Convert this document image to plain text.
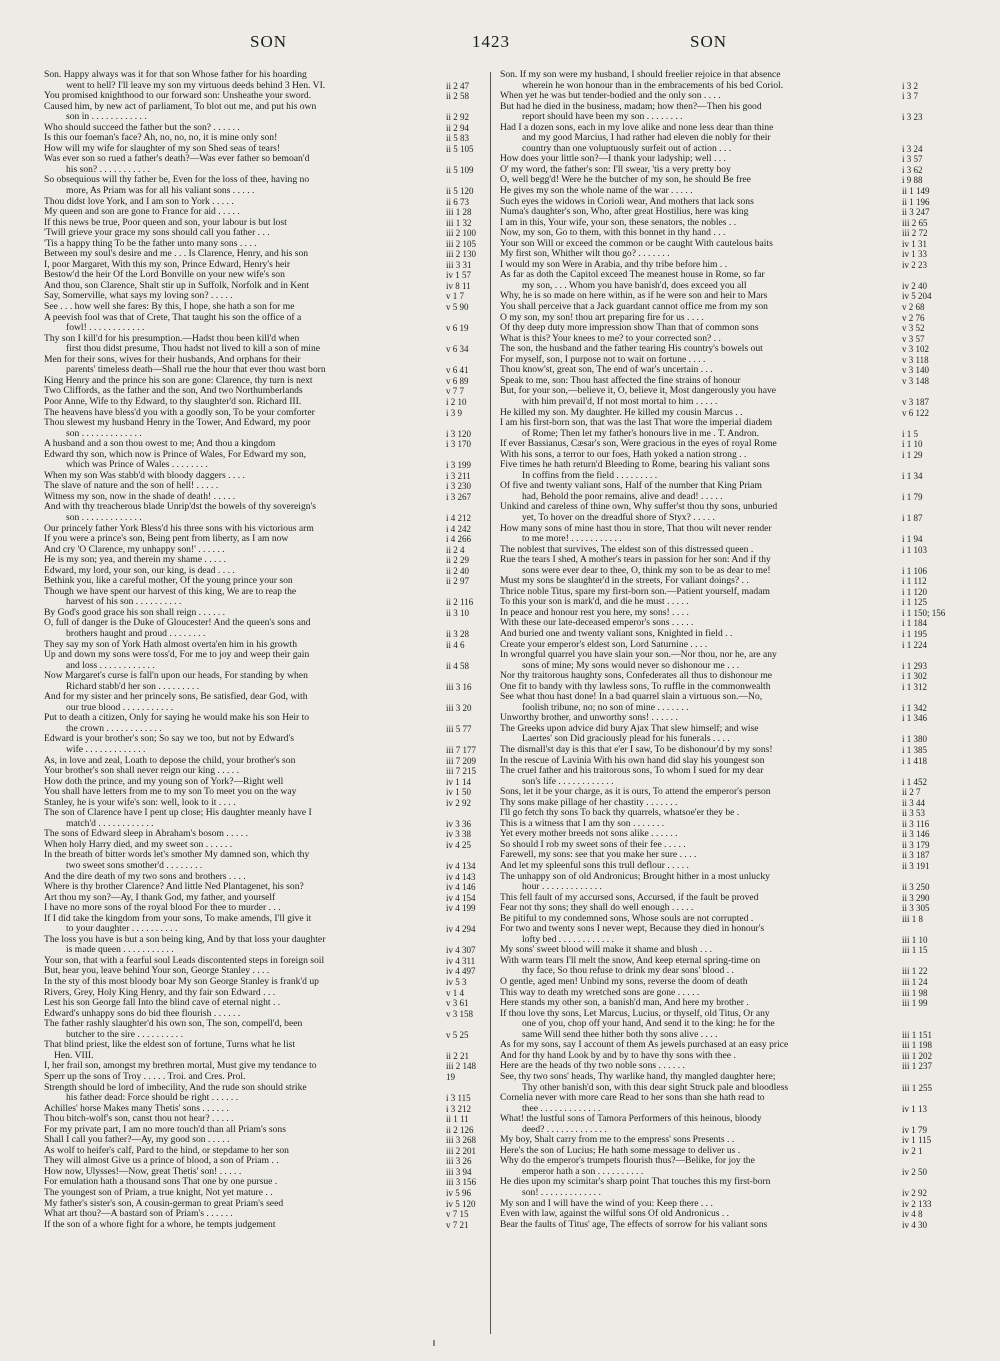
SON	1423	SON
Son. Happy always was it for that son Whose father for his hoarding
went to hell? I'll leave my son my virtuous deeds behind 3 Hen. VI.	ii 2 47
You promised knighthood to our forward son: Unsheathe your sword.	ii 2 58
Caused him, by new act of parliament, To blot out me, and put his own
son in . . . . . . . . . . . .	ii 2 92
Who should succeed the father but the son? . . . . . .	ii 2 94
Is this our foeman's face? Ah, no, no, no, it is mine only son!	ii 5 83
How will my wife for slaughter of my son Shed seas of tears!	ii 5 105
Was ever son so rued a father's death?—Was ever father so bemoan'd
his son? . . . . . . . . . . .	ii 5 109
So obsequious will thy father be, Even for the loss of thee, having no
more, As Priam was for all his valiant sons . . . . .	ii 5 120
Thou didst love York, and I am son to York . . . . .	ii 6 73
My queen and son are gone to France for aid . . . . .	iii 1 28
If this news be true, Poor queen and son, your labour is but lost	iii 1 32
'Twill grieve your grace my sons should call you father . . .	iii 2 100
'Tis a happy thing To be the father unto many sons . . . .	iii 2 105
Between my soul's desire and me . . . Is Clarence, Henry, and his son	iii 2 130
I, poor Margaret, With this my son, Prince Edward, Henry's heir	iii 3 31
Bestow'd the heir Of the Lord Bonville on your new wife's son	iv 1 57
And thou, son Clarence, Shalt stir up in Suffolk, Norfolk and in Kent	iv 8 11
Say, Somerville, what says my loving son? . . . . .	v 1 7
See . . . how well she fares: By this, I hope, she hath a son for me	v 5 90
A peevish fool was that of Crete, That taught his son the office of a
fowl! . . . . . . . . . . . .	v 6 19
Thy son I kill'd for his presumption.—Hadst thou been kill'd when
first thou didst presume, Thou hadst not lived to kill a son of mine	v 6 34
Men for their sons, wives for their husbands, And orphans for their
parents' timeless death—Shall rue the hour that ever thou wast born	v 6 41
King Henry and the prince his son are gone: Clarence, thy turn is next	v 6 89
Two Cliffords, as the father and the son, And two Northumberlands	v 7 7
Poor Anne, Wife to thy Edward, to thy slaughter'd son. Richard III.	i 2 10
The heavens have bless'd you with a goodly son, To be your comforter	i 3 9
Thou slewest my husband Henry in the Tower, And Edward, my poor
son . . . . . . . . . . . . .	i 3 120
A husband and a son thou owest to me; And thou a kingdom	i 3 170
Edward thy son, which now is Prince of Wales, For Edward my son,
which was Prince of Wales . . . . . . . .	i 3 199
When my son Was stabb'd with bloody daggers . . . .	i 3 211
The slave of nature and the son of hell! . . . . .	i 3 230
Witness my son, now in the shade of death! . . . . .	i 3 267
And with thy treacherous blade Unrip'dst the bowels of thy sovereign's
son . . . . . . . . . . . . .	i 4 212
Our princely father York Bless'd his three sons with his victorious arm	i 4 242
If you were a prince's son, Being pent from liberty, as I am now	i 4 266
And cry 'O Clarence, my unhappy son!' . . . . . .	ii 2 4
He is my son; yea, and therein my shame . . . . .	ii 2 29
Edward, my lord, your son, our king, is dead . . . .	ii 2 40
Bethink you, like a careful mother, Of the young prince your son	ii 2 97
Though we have spent our harvest of this king, We are to reap the
harvest of his son . . . . . . . . . .	ii 2 116
By God's good grace his son shall reign . . . . . .	ii 3 10
O, full of danger is the Duke of Gloucester! And the queen's sons and
brothers haught and proud . . . . . . . .	ii 3 28
They say my son of York Hath almost overta'en him in his growth	ii 4 6
Up and down my sons were toss'd, For me to joy and weep their gain
and loss . . . . . . . . . . . .	ii 4 58
Now Margaret's curse is fall'n upon our heads, For standing by when
Richard stabb'd her son . . . . . . . . .	iii 3 16
And for my sister and her princely sons, Be satisfied, dear God, with
our true blood . . . . . . . . . . .	iii 3 20
Put to death a citizen, Only for saying he would make his son Heir to
the crown . . . . . . . . . . . .	iii 5 77
Edward is your brother's son; So say we too, but not by Edward's
wife . . . . . . . . . . . . .	iii 7 177
As, in love and zeal, Loath to depose the child, your brother's son	iii 7 209
Your brother's son shall never reign our king . . . . .	iii 7 215
How doth the prince, and my young son of York?—Right well	iv 1 14
You shall have letters from me to my son To meet you on the way	iv 1 50
Stanley, he is your wife's son: well, look to it . . . .	iv 2 92
The son of Clarence have I pent up close; His daughter meanly have I
match'd . . . . . . . . . . . .	iv 3 36
The sons of Edward sleep in Abraham's bosom . . . . .	iv 3 38
When holy Harry died, and my sweet son . . . . . .	iv 4 25
In the breath of bitter words let's smother My damned son, which thy
two sweet sons smother'd . . . . . . . .	iv 4 134
And the dire death of my two sons and brothers . . . .	iv 4 143
Where is thy brother Clarence? And little Ned Plantagenet, his son?	iv 4 146
Art thou my son?—Ay, I thank God, my father, and yourself	iv 4 154
I have no more sons of the royal blood For thee to murder . . .	iv 4 199
If I did take the kingdom from your sons, To make amends, I'll give it
to your daughter . . . . . . . . . .	iv 4 294
The loss you have is but a son being king, And by that loss your daughter
is made queen . . . . . . . . . . .	iv 4 307
Your son, that with a fearful soul Leads discontented steps in foreign soil	iv 4 311
But, hear you, leave behind Your son, George Stanley . . . .	iv 4 497
In the sty of this most bloody boar My son George Stanley is frank'd up	iv 5 3
Rivers, Grey, Holy King Henry, and thy fair son Edward . . .	v 1 4
Lest his son George fall Into the blind cave of eternal night . .	v 3 61
Edward's unhappy sons do bid thee flourish . . . . . .	v 3 158
The father rashly slaughter'd his own son, The son, compell'd, been
butcher to the sire . . . . . . . . . .	v 5 25
That blind priest, like the eldest son of fortune, Turns what he list
Hen. VIII.	ii 2 21
I, her frail son, amongst my brethren mortal, Must give my tendance to	iii 2 148
Sperr up the sons of Troy . . . . . Troi. and Cres. Prol.	19
Strength should be lord of imbecility, And the rude son should strike
his father dead: Force should be right . . . . . .	i 3 115
Achilles' horse Makes many Thetis' sons . . . . . .	i 3 212
Thou bitch-wolf's son, canst thou not hear? . . . . .	ii 1 11
For my private part, I am no more touch'd than all Priam's sons	ii 2 126
Shall I call you father?—Ay, my good son . . . . .	iii 3 268
As wolf to heifer's calf, Pard to the hind, or stepdame to her son	iii 2 201
They will almost Give us a prince of blood, a son of Priam . .	iii 3 26
How now, Ulysses!—Now, great Thetis' son! . . . . .	iii 3 94
For emulation hath a thousand sons That one by one pursue .	iii 3 156
The youngest son of Priam, a true knight, Not yet mature . .	iv 5 96
My father's sister's son, A cousin-german to great Priam's seed	iv 5 120
What art thou?—A bastard son of Priam's . . . . . .	v 7 15
If the son of a whore fight for a whore, he tempts judgement	v 7 21
Son. If my son were my husband, I should freelier rejoice in that absence
wherein he won honour than in the embracements of his bed Coriol.	i 3 2
When yet he was but tender-bodied and the only son . . . .	i 3 7
But had he died in the business, madam; how then?—Then his good
report should have been my son . . . . . . . .	i 3 23
Had I a dozen sons, each in my love alike and none less dear than thine
and my good Marcius, I had rather had eleven die nobly for their
country than one voluptuously surfeit out of action . . .	i 3 24
How does your little son?—I thank your ladyship; well . . .	i 3 57
O' my word, the father's son: I'll swear, 'tis a very pretty boy	i 3 62
O, well begg'd! Were he the butcher of my son, he should Be free	i 9 88
He gives my son the whole name of the war . . . . .	ii 1 149
Such eyes the widows in Corioli wear, And mothers that lack sons	ii 1 196
Numa's daughter's son, Who, after great Hostilius, here was king	ii 3 247
I am in this, Your wife, your son, these senators, the nobles . .	iii 2 65
Now, my son, Go to them, with this bonnet in thy hand . . .	iii 2 72
Your son Will or exceed the common or be caught With cautelous baits	iv 1 31
My first son, Whither wilt thou go? . . . . . . .	iv 1 33
I would my son Were in Arabia, and thy tribe before him . .	iv 2 23
As far as doth the Capitol exceed The meanest house in Rome, so far
my son, . . . Whom you have banish'd, does exceed you all	iv 2 40
Why, he is so made on here within, as if he were son and heir to Mars	iv 5 204
You shall perceive that a Jack guardant cannot office me from my son	v 2 68
O my son, my son! thou art preparing fire for us . . . .	v 2 76
Of thy deep duty more impression show Than that of common sons	v 3 52
What is this? Your knees to me? to your corrected son? . .	v 3 57
The son, the husband and the father tearing His country's bowels out	v 3 102
For myself, son, I purpose not to wait on fortune . . . .	v 3 118
Thou know'st, great son, The end of war's uncertain . . .	v 3 140
Speak to me, son: Thou hast affected the fine strains of honour	v 3 148
But, for your son,—believe it, O, believe it, Most dangerously you have
with him prevail'd, If not most mortal to him . . . . .	v 3 187
He killed my son. My daughter. He killed my cousin Marcus . .	v 6 122
I am his first-born son, that was the last That wore the imperial diadem
of Rome; Then let my father's honours live in me . T. Andron.	i 1 5
If ever Bassianus, Cæsar's son, Were gracious in the eyes of royal Rome	i 1 10
With his sons, a terror to our foes, Hath yoked a nation strong . .	i 1 29
Five times he hath return'd Bleeding to Rome, bearing his valiant sons
In coffins from the field . . . . . . . . .	i 1 34
Of five and twenty valiant sons, Half of the number that King Priam
had, Behold the poor remains, alive and dead! . . . . .	i 1 79
Unkind and careless of thine own, Why suffer'st thou thy sons, unburied
yet, To hover on the dreadful shore of Styx? . . . . .	i 1 87
How many sons of mine hast thou in store, That thou wilt never render
to me more! . . . . . . . . . . .	i 1 94
The noblest that survives, The eldest son of this distressed queen .	i 1 103
Rue the tears I shed, A mother's tears in passion for her son: And if thy
sons were ever dear to thee, O, think my son to be as dear to me!	i 1 106
Must my sons be slaughter'd in the streets, For valiant doings? . .	i 1 112
Thrice noble Titus, spare my first-born son.—Patient yourself, madam	i 1 120
To this your son is mark'd, and die he must . . . . .	i 1 125
In peace and honour rest you here, my sons! . . . .	i 1 150; 156
With these our late-deceased emperor's sons . . . . .	i 1 184
And buried one and twenty valiant sons, Knighted in field . .	i 1 195
Create your emperor's eldest son, Lord Saturnine . . . .	i 1 224
In wrongful quarrel you have slain your son.—Nor thou, nor he, are any
sons of mine; My sons would never so dishonour me . . .	i 1 293
Nor thy traitorous haughty sons, Confederates all thus to dishonour me	i 1 302
One fit to bandy with thy lawless sons, To ruffle in the commonwealth	i 1 312
See what thou hast done! In a bad quarrel slain a virtuous son.—No,
foolish tribune, no; no son of mine . . . . . . .	i 1 342
Unworthy brother, and unworthy sons! . . . . . .	i 1 346
The Greeks upon advice did bury Ajax That slew himself; and wise
Laertes' son Did graciously plead for his funerals . . . .	i 1 380
The dismall'st day is this that e'er I saw, To be dishonour'd by my sons!	i 1 385
In the rescue of Lavinia With his own hand did slay his youngest son	i 1 418
The cruel father and his traitorous sons, To whom I sued for my dear
son's life . . . . . . . . . . . .	i 1 452
Sons, let it be your charge, as it is ours, To attend the emperor's person	ii 2 7
Thy sons make pillage of her chastity . . . . . . .	ii 3 44
I'll go fetch thy sons To back thy quarrels, whatsoe'er they be .	ii 3 53
This is a witness that I am thy son . . . . . . .	ii 3 116
Yet every mother breeds not sons alike . . . . . .	ii 3 146
So should I rob my sweet sons of their fee . . . . .	ii 3 179
Farewell, my sons: see that you make her sure . . . .	ii 3 187
And let my spleenful sons this trull deflour . . . . .	ii 3 191
The unhappy son of old Andronicus; Brought hither in a most unlucky
hour . . . . . . . . . . . . .	ii 3 250
This fell fault of my accursed sons, Accursed, if the fault be proved	ii 3 290
Fear not thy sons; they shall do well enough . . . . .	ii 3 305
Be pitiful to my condemned sons, Whose souls are not corrupted .	iii 1 8
For two and twenty sons I never wept, Because they died in honour's
lofty bed . . . . . . . . . . . .	iii 1 10
My sons' sweet blood will make it shame and blush . . .	iii 1 15
With warm tears I'll melt the snow, And keep eternal spring-time on
thy face, So thou refuse to drink my dear sons' blood . .	iii 1 22
O gentle, aged men! Unbind my sons, reverse the doom of death	iii 1 24
This way to death my wretched sons are gone . . . . .	iii 1 98
Here stands my other son, a banish'd man, And here my brother .	iii 1 99
If thou love thy sons, Let Marcus, Lucius, or thyself, old Titus, Or any
one of you, chop off your hand, And send it to the king: he for the
same Will send thee hither both thy sons alive . . . .	iii 1 151
As for my sons, say I account of them As jewels purchased at an easy price	iii 1 198
And for thy hand Look by and by to have thy sons with thee .	iii 1 202
Here are the heads of thy two noble sons . . . . . .	iii 1 237
See, thy two sons' heads, Thy warlike hand, thy mangled daughter here;
Thy other banish'd son, with this dear sight Struck pale and bloodless	iii 1 255
Cornelia never with more care Read to her sons than she hath read to
thee . . . . . . . . . . . . .	iv 1 13
What! the lustful sons of Tamora Performers of this heinous, bloody
deed? . . . . . . . . . . . . .	iv 1 79
My boy, Shalt carry from me to the empress' sons Presents . .	iv 1 115
Here's the son of Lucius; He hath some message to deliver us .	iv 2 1
Why do the emperor's trumpets flourish thus?—Belike, for joy the
emperor hath a son . . . . . . . . . .	iv 2 50
He dies upon my scimitar's sharp point That touches this my first-born
son! . . . . . . . . . . . . .	iv 2 92
My son and I will have the wind of you: Keep there . . .	iv 2 133
Even with law, against the wilful sons Of old Andronicus . .	iv 4 8
Bear the faults of Titus' age, The effects of sorrow for his valiant sons	iv 4 30
